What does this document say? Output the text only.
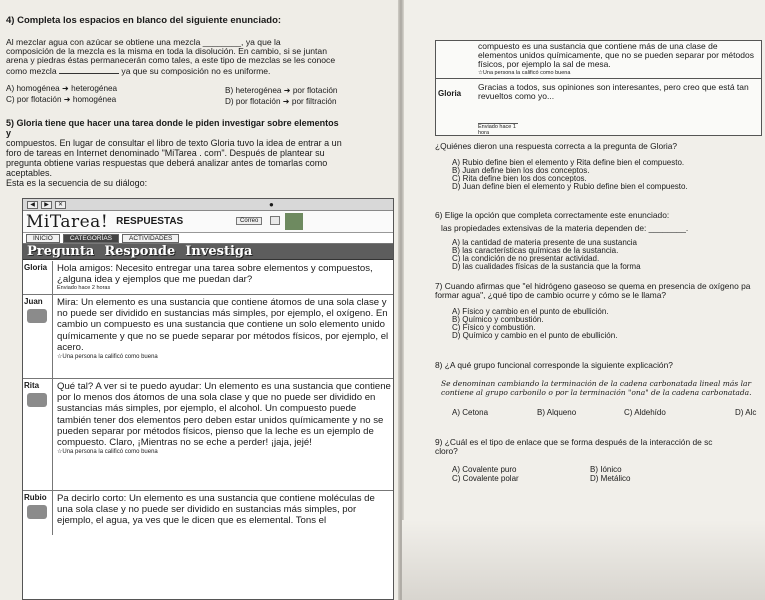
4) Completa los espacios en blanco del siguiente enunciado:
Al mezclar agua con azúcar se obtiene una mezcla ________, ya que la
composición de la mezcla es la misma en toda la disolución. En cambio, si se juntan
arena y piedras éstas permanecerán como tales, a este tipo de mezclas se les conoce
como mezcla	ya que su composición no es uniforme.
A) homogénea ➜ heterogénea	B) heterogénea ➜ por flotación
C) por flotación ➜ homogénea	D) por flotación ➜ por filtración
5) Gloria tiene que hacer una tarea donde le piden investigar sobre elementos y
compuestos. En lugar de consultar el libro de texto Gloria tuvo la idea de entrar a un
foro de tareas en Internet denominado "MiTarea . com". Después de plantear su
pregunta obtiene varias respuestas que deberá analizar antes de tomarlas como
aceptables.
Esta es la secuencia de su diálogo:
◀	▶	✕	●
MiTarea! RESPUESTAS	Correo
INICIO	CATEGORÍAS	ACTIVIDADES
Pregunta Responde Investiga
Gloria	Hola amigos: Necesito entregar una tarea sobre elementos y compuestos, ¿alguna idea y ejemplos que me puedan dar?
Enviado hace 2 horas
Juan	Mira: Un elemento es una sustancia que contiene átomos de una sola clase y no puede ser dividido en sustancias más simples, por ejemplo, el oxígeno. En cambio un compuesto es una sustancia que contiene un solo elemento unido químicamente y que no se puede separar por métodos físicos, por ejemplo, el acero.
☆Una persona la calificó como buena
Rita	Qué tal? A ver si te puedo ayudar: Un elemento es una sustancia que contiene por lo menos dos átomos de una sola clase y que no puede ser dividido en sustancias más simples, por ejemplo, el alcohol. Un compuesto puede también tener dos elementos pero deben estar unidos químicamente y no se pueden separar por métodos físicos, pienso que la leche es un ejemplo de compuesto. Claro, ¡Mientras no se eche a perder! ¡jaja, jejé!
☆Una persona la calificó como buena
Rubio	Pa decirlo corto: Un elemento es una sustancia que contiene moléculas de una sola clase y no puede ser dividido en sustancias más simples, por ejemplo, el agua, ya ves que le dicen que es elemental. Tons el
compuesto es una sustancia que contiene más de una clase de elementos unidos químicamente, que no se pueden separar por métodos físicos, por ejemplo la sal de mesa.
☆Una persona la calificó como buena
Gloria
Gracias a todos, sus opiniones son interesantes, pero creo que está tan revueltos como yo...
Enviado hace 1 hora
¿Quiénes dieron una respuesta correcta a la pregunta de Gloria?
A) Rubio define bien el elemento y Rita define bien el compuesto.
B) Juan define bien los dos conceptos.
C) Rita define bien los dos conceptos.
D) Juan define bien el elemento y Rubio define bien el compuesto.
6) Elige la opción que completa correctamente este enunciado:
las propiedades extensivas de la materia dependen de: ________.
A) la cantidad de materia presente de una sustancia
B) las características químicas de la sustancia.
C) la condición de no presentar actividad.
D) las cualidades físicas de la sustancia que la forma
7) Cuando afirmas que "el hidrógeno gaseoso se quema en presencia de oxígeno pa
formar agua", ¿qué tipo de cambio ocurre y cómo se le llama?
A) Físico y cambio en el punto de ebullición.
B) Químico y combustión.
C) Físico y combustión.
D) Químico y cambio en el punto de ebullición.
8) ¿A qué grupo funcional corresponde la siguiente explicación?
Se denominan cambiando la terminación de la cadena carbonatada lineal más lar
contiene al grupo carbonilo o por la terminación "ona" de la cadena carbonatada.
A) Cetona	B) Alqueno	C) Aldehído	D) Alc
9) ¿Cuál es el tipo de enlace que se forma después de la interacción de sc
cloro?
A) Covalente puro	B) Iónico
C) Covalente polar	D) Metálico
